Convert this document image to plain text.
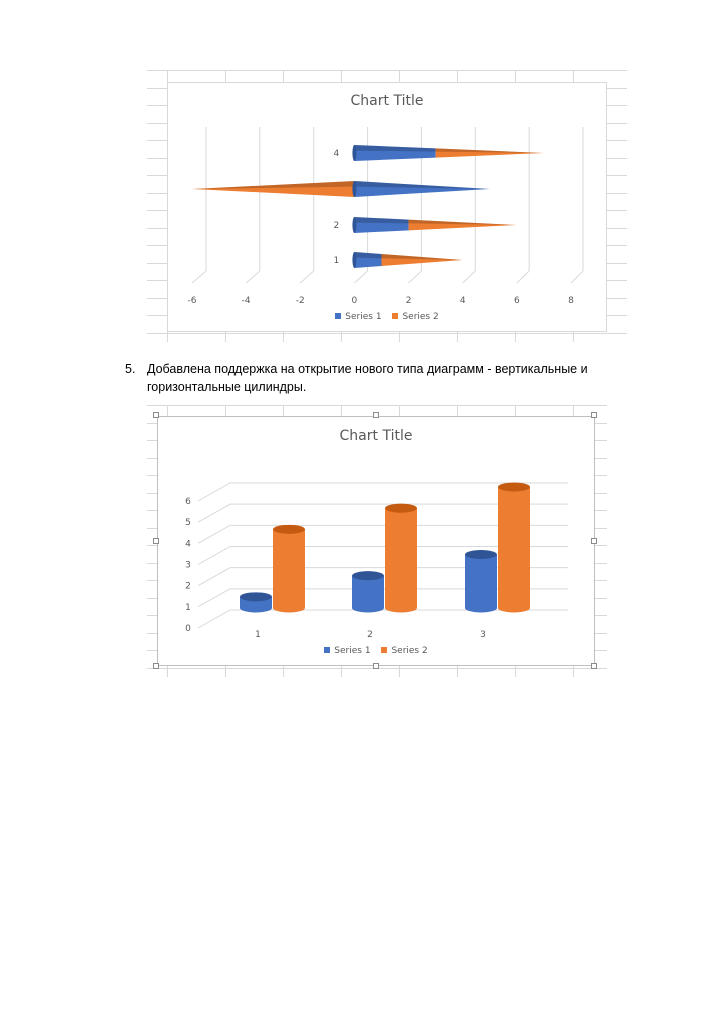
Chart Title
-6	-4	-2	0	2	4	6	8
1
2
4
Series 1 Series 2
5. Добавлена поддержка на открытие нового типа диаграмм - вертикальные и горизонтальные цилиндры.
Chart Title
0
1
2
3
4
5
6
1	2	3
Series 1 Series 2
